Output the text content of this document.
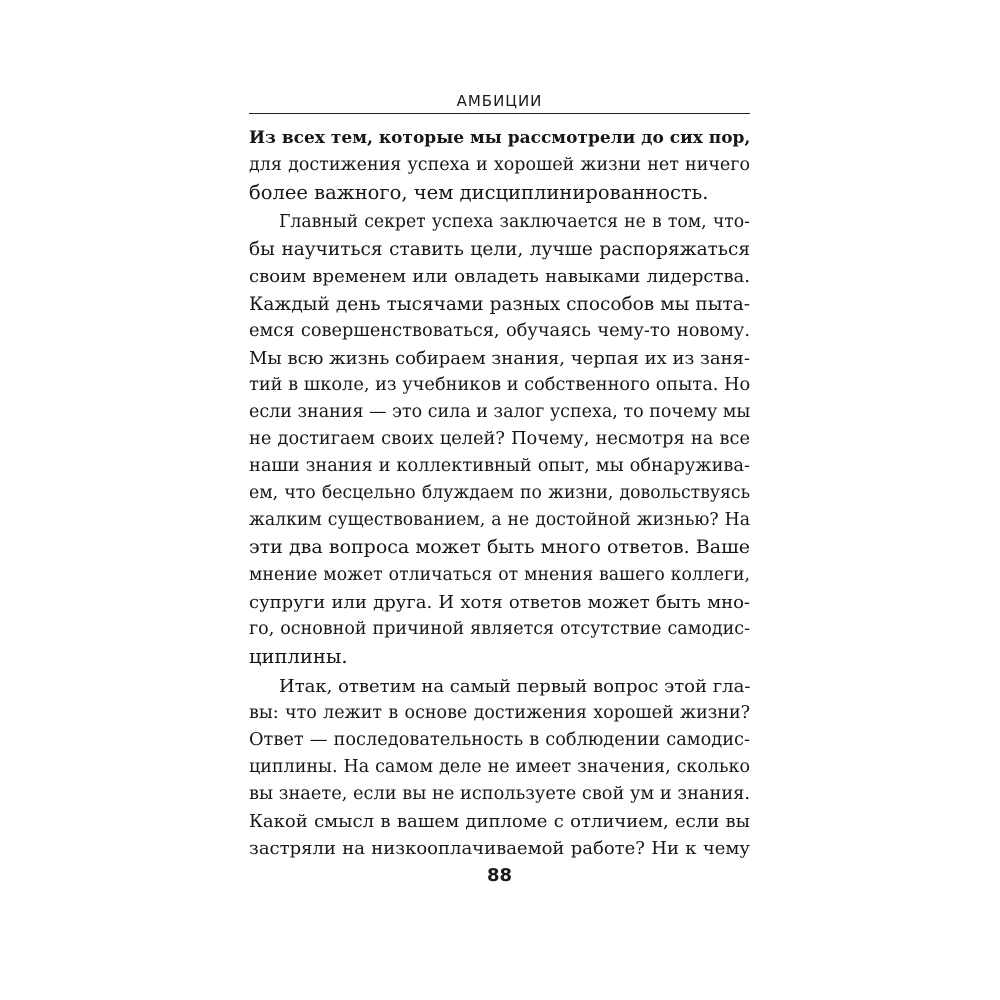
АМБИЦИИ
Из всех тем, которые мы рассмотрели до сих пор,
для достижения успеха и хорошей жизни нет ничего
более важного, чем дисциплинированность.
Главный секрет успеха заключается не в том, что-
бы научиться ставить цели, лучше распоряжаться
своим временем или овладеть навыками лидерства.
Каждый день тысячами разных способов мы пыта-
емся совершенствоваться, обучаясь чему-то новому.
Мы всю жизнь собираем знания, черпая их из заня-
тий в школе, из учебников и собственного опыта. Но
если знания — это сила и залог успеха, то почему мы
не достигаем своих целей? Почему, несмотря на все
наши знания и коллективный опыт, мы обнаружива-
ем, что бесцельно блуждаем по жизни, довольствуясь
жалким существованием, а не достойной жизнью? На
эти два вопроса может быть много ответов. Ваше
мнение может отличаться от мнения вашего коллеги,
супруги или друга. И хотя ответов может быть мно-
го, основной причиной является отсутствие самодис-
циплины.
Итак, ответим на самый первый вопрос этой гла-
вы: что лежит в основе достижения хорошей жизни?
Ответ — последовательность в соблюдении самодис-
циплины. На самом деле не имеет значения, сколько
вы знаете, если вы не используете свой ум и знания.
Какой смысл в вашем дипломе с отличием, если вы
застряли на низкооплачиваемой работе? Ни к чему
88
